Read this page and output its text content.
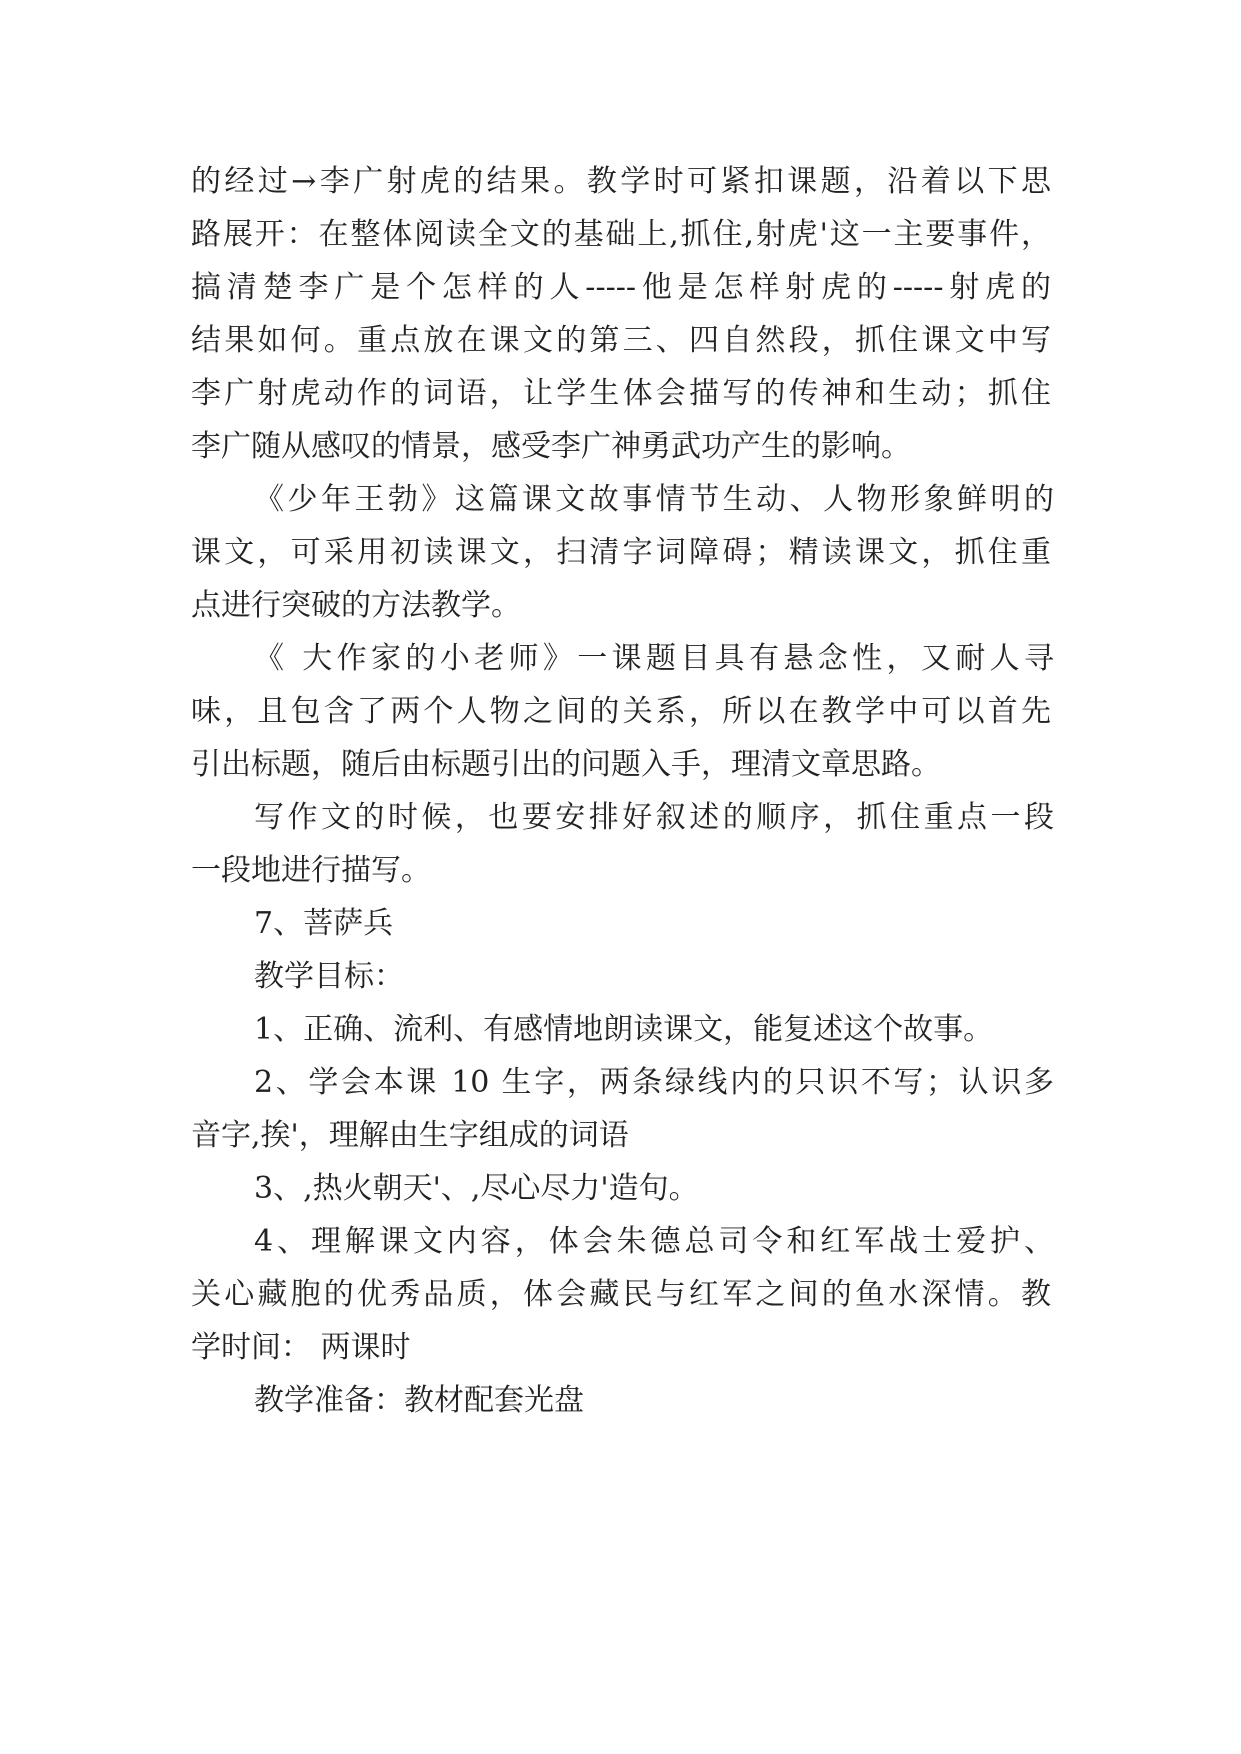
的经过→李广射虎的结果。教学时可紧扣课题，沿着以下思
路展开：在整体阅读全文的基础上,抓住,射虎'这一主要事件，
搞清楚李广是个怎样的人-----他是怎样射虎的-----射虎的
结果如何。重点放在课文的第三、四自然段，抓住课文中写
李广射虎动作的词语，让学生体会描写的传神和生动；抓住
李广随从感叹的情景，感受李广神勇武功产生的影响。
《少年王勃》这篇课文故事情节生动、人物形象鲜明的
课文，可采用初读课文，扫清字词障碍；精读课文，抓住重
点进行突破的方法教学。
《 大作家的小老师》一课题目具有悬念性，又耐人寻
味，且包含了两个人物之间的关系，所以在教学中可以首先
引出标题，随后由标题引出的问题入手，理清文章思路。
写作文的时候，也要安排好叙述的顺序，抓住重点一段
一段地进行描写。
7、菩萨兵
教学目标：
1、正确、流利、有感情地朗读课文，能复述这个故事。
2、学会本课 10 生字，两条绿线内的只识不写；认识多
音字,挨'，理解由生字组成的词语
3、,热火朝天'、,尽心尽力'造句。
4、理解课文内容，体会朱德总司令和红军战士爱护、
关心藏胞的优秀品质，体会藏民与红军之间的鱼水深情。教
学时间： 两课时
教学准备：教材配套光盘
